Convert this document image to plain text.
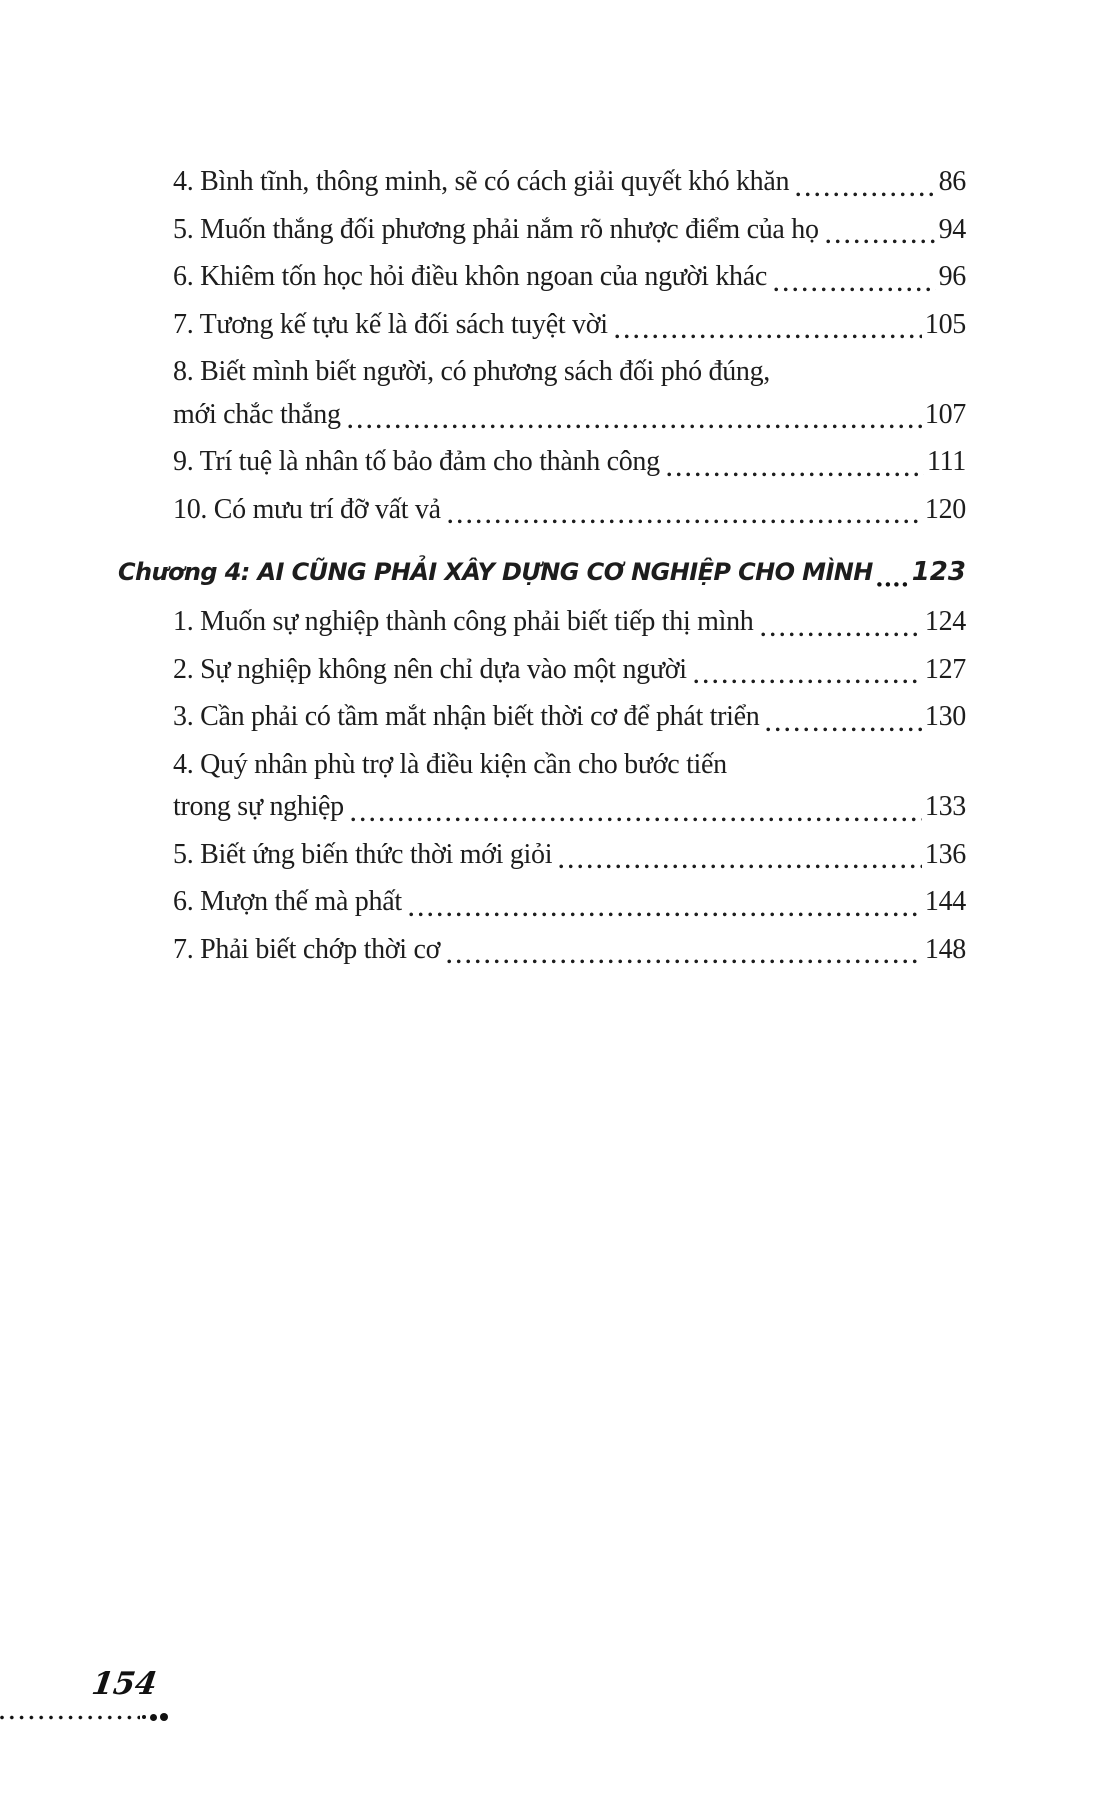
4. Bình tĩnh, thông minh, sẽ có cách giải quyết khó khăn	86
5. Muốn thắng đối phương phải nắm rõ nhược điểm của họ	94
6. Khiêm tốn học hỏi điều khôn ngoan của người khác	96
7. Tương kế tựu kế là đối sách tuyệt vời	105
8. Biết mình biết người, có phương sách đối phó đúng,
mới chắc thắng	107
9. Trí tuệ là nhân tố bảo đảm cho thành công	111
10. Có mưu trí đỡ vất vả	120
Chương 4: AI CŨNG PHẢI XÂY DỰNG CƠ NGHIỆP CHO MÌNH 123
1. Muốn sự nghiệp thành công phải biết tiếp thị mình	124
2. Sự nghiệp không nên chỉ dựa vào một người	127
3. Cần phải có tầm mắt nhận biết thời cơ để phát triển	130
4. Quý nhân phù trợ là điều kiện cần cho bước tiến
trong sự nghiệp	133
5. Biết ứng biến thức thời mới giỏi	136
6. Mượn thế mà phất	144
7. Phải biết chớp thời cơ	148
154
